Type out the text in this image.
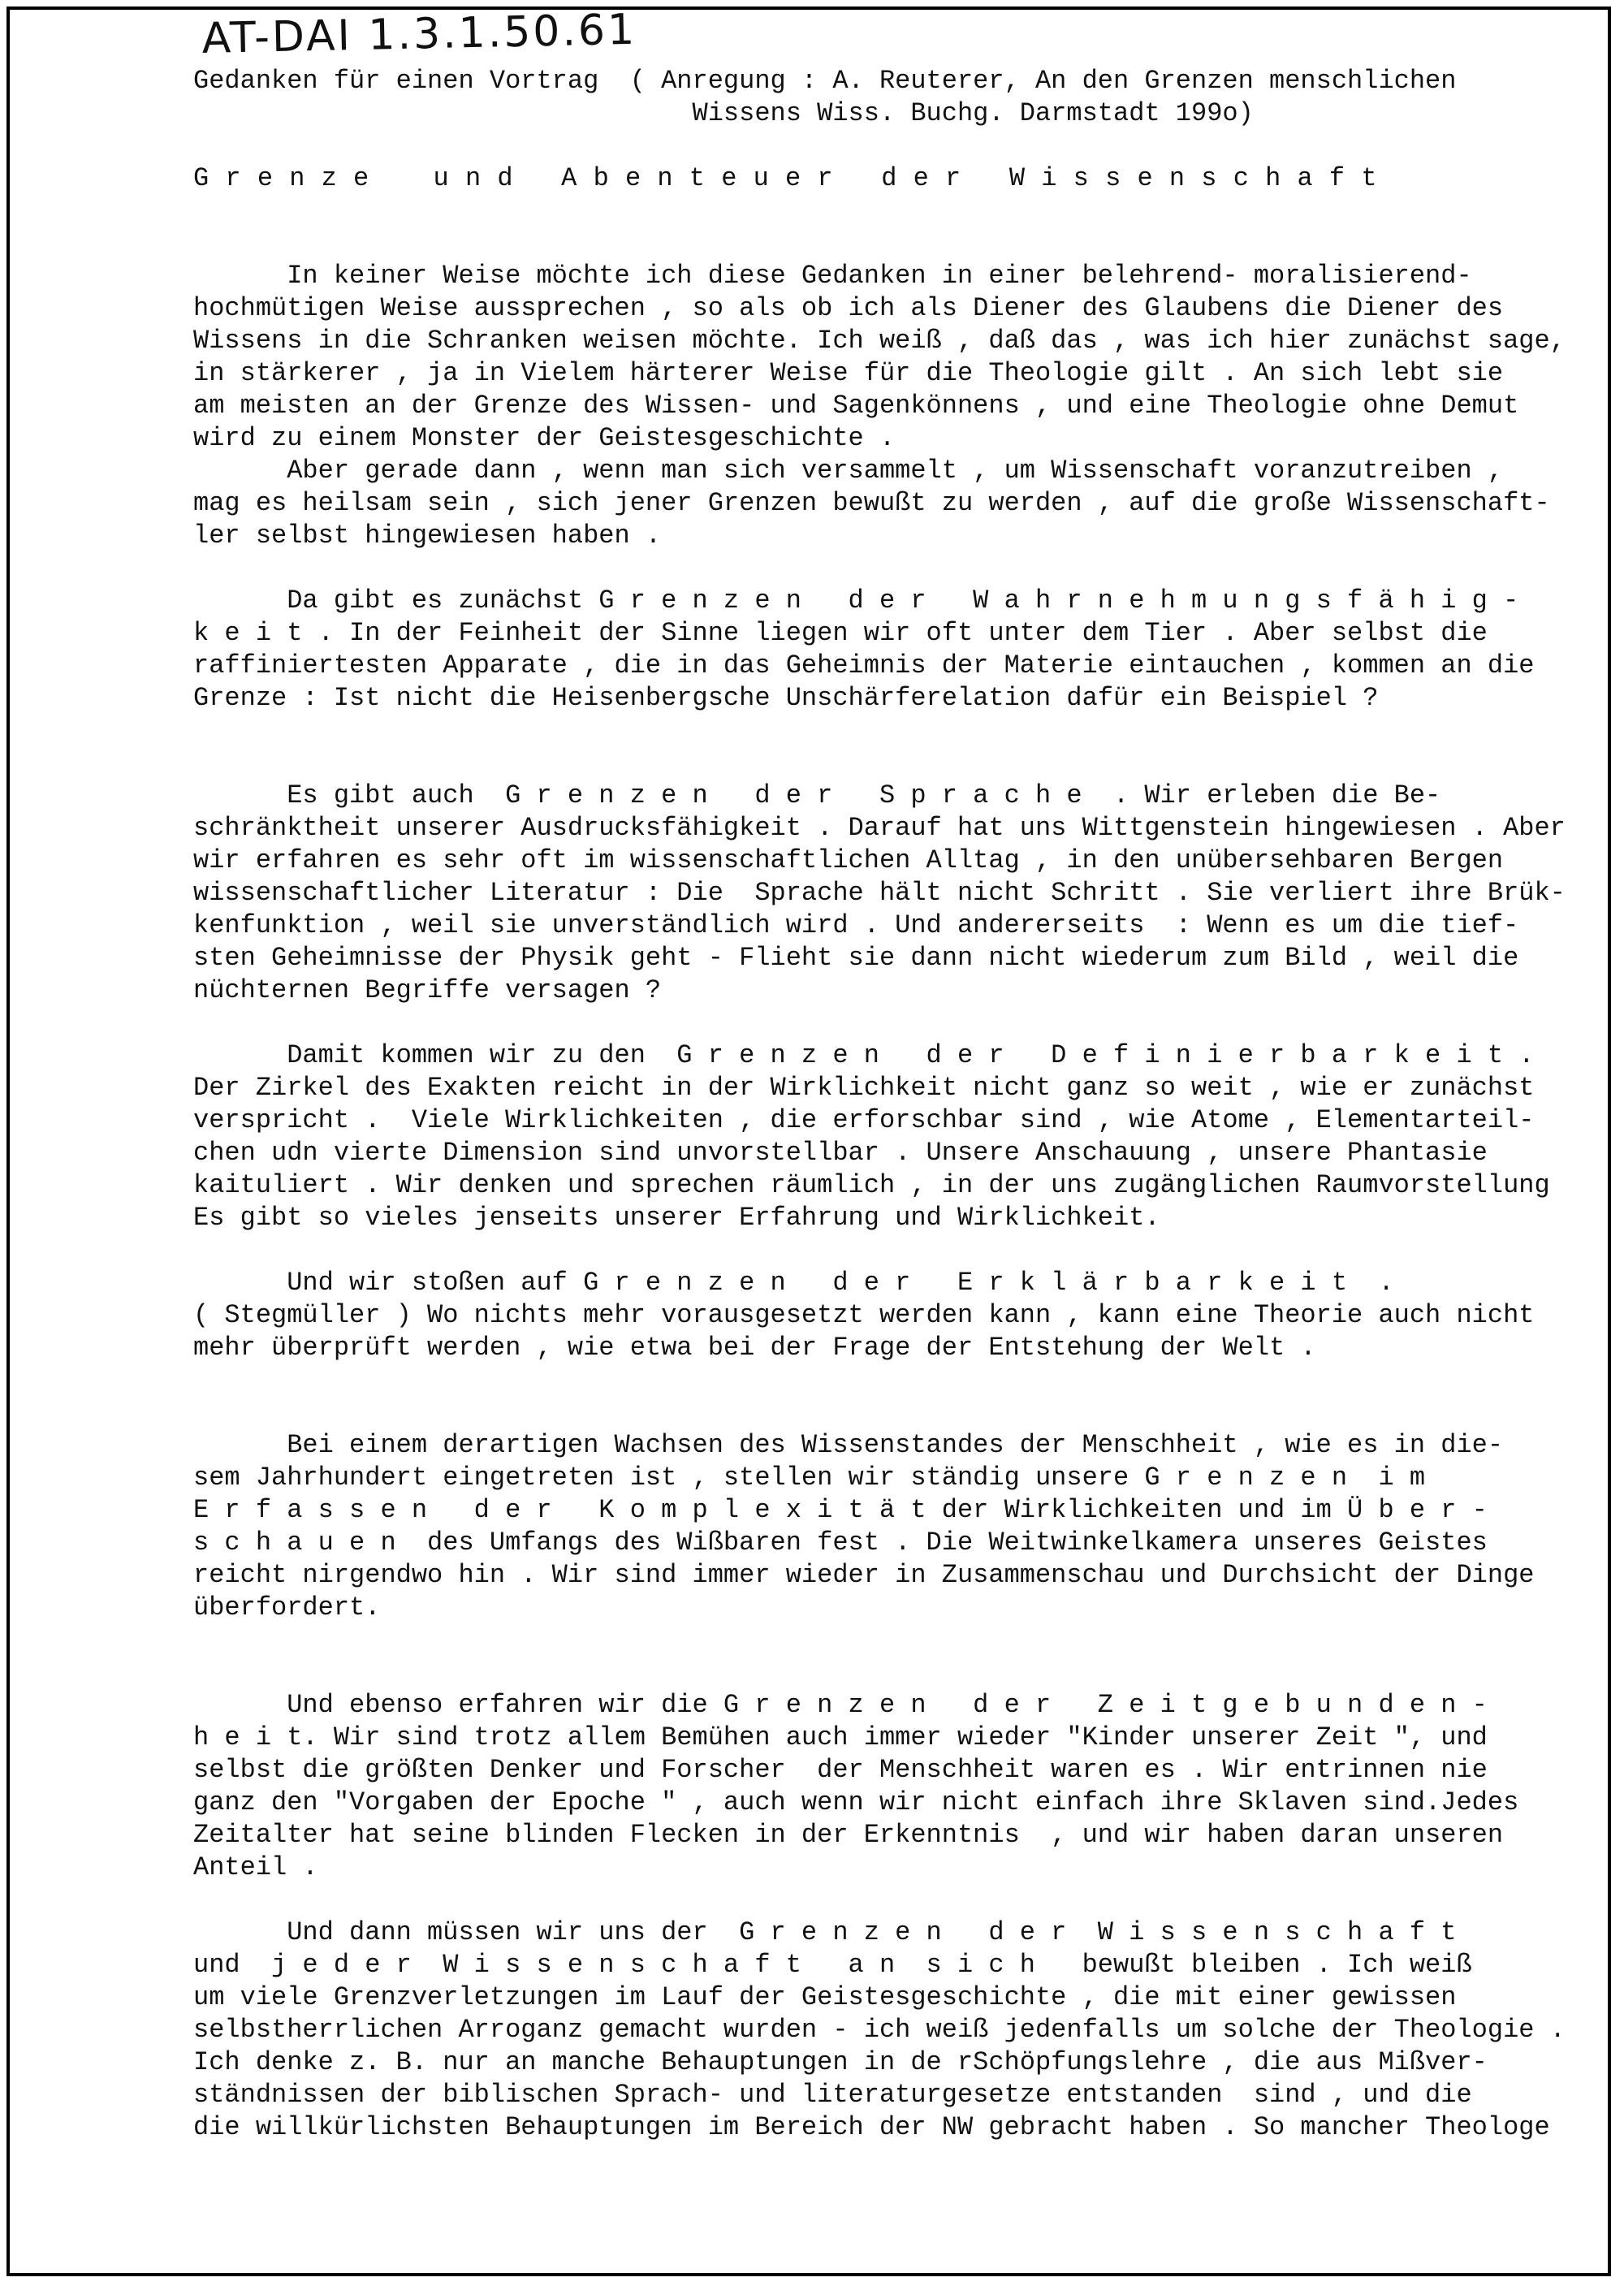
AT-DAI 1.3.1.50.61
Gedanken für einen Vortrag  ( Anregung : A. Reuterer, An den Grenzen menschlichen
Wissens Wiss. Buchg. Darmstadt 199o)
G r e n z e    u n d   A b e n t e u e r   d e r   W i s s e n s c h a f t
In keiner Weise möchte ich diese Gedanken in einer belehrend- moralisierend-
hochmütigen Weise aussprechen , so als ob ich als Diener des Glaubens die Diener des
Wissens in die Schranken weisen möchte. Ich weiß , daß das , was ich hier zunächst sage,
in stärkerer , ja in Vielem härterer Weise für die Theologie gilt . An sich lebt sie
am meisten an der Grenze des Wissen- und Sagenkönnens , und eine Theologie ohne Demut
wird zu einem Monster der Geistesgeschichte .
Aber gerade dann , wenn man sich versammelt , um Wissenschaft voranzutreiben ,
mag es heilsam sein , sich jener Grenzen bewußt zu werden , auf die große Wissenschaft-
ler selbst hingewiesen haben .
Da gibt es zunächst G r e n z e n   d e r   W a h r n e h m u n g s f ä h i g -
k e i t . In der Feinheit der Sinne liegen wir oft unter dem Tier . Aber selbst die
raffiniertesten Apparate , die in das Geheimnis der Materie eintauchen , kommen an die
Grenze : Ist nicht die Heisenbergsche Unschärferelation dafür ein Beispiel ?
Es gibt auch  G r e n z e n   d e r   S p r a c h e  . Wir erleben die Be-
schränktheit unserer Ausdrucksfähigkeit . Darauf hat uns Wittgenstein hingewiesen . Aber
wir erfahren es sehr oft im wissenschaftlichen Alltag , in den unübersehbaren Bergen
wissenschaftlicher Literatur : Die  Sprache hält nicht Schritt . Sie verliert ihre Brük-
kenfunktion , weil sie unverständlich wird . Und andererseits  : Wenn es um die tief-
sten Geheimnisse der Physik geht - Flieht sie dann nicht wiederum zum Bild , weil die
nüchternen Begriffe versagen ?
Damit kommen wir zu den  G r e n z e n   d e r   D e f i n i e r b a r k e i t .
Der Zirkel des Exakten reicht in der Wirklichkeit nicht ganz so weit , wie er zunächst
verspricht .  Viele Wirklichkeiten , die erforschbar sind , wie Atome , Elementarteil-
chen udn vierte Dimension sind unvorstellbar . Unsere Anschauung , unsere Phantasie
kaituliert . Wir denken und sprechen räumlich , in der uns zugänglichen Raumvorstellung
Es gibt so vieles jenseits unserer Erfahrung und Wirklichkeit.
Und wir stoßen auf G r e n z e n   d e r   E r k l ä r b a r k e i t  .
( Stegmüller ) Wo nichts mehr vorausgesetzt werden kann , kann eine Theorie auch nicht
mehr überprüft werden , wie etwa bei der Frage der Entstehung der Welt .
Bei einem derartigen Wachsen des Wissenstandes der Menschheit , wie es in die-
sem Jahrhundert eingetreten ist , stellen wir ständig unsere G r e n z e n  i m
E r f a s s e n   d e r   K o m p l e x i t ä t der Wirklichkeiten und im Ü b e r -
s c h a u e n  des Umfangs des Wißbaren fest . Die Weitwinkelkamera unseres Geistes
reicht nirgendwo hin . Wir sind immer wieder in Zusammenschau und Durchsicht der Dinge
überfordert.
Und ebenso erfahren wir die G r e n z e n   d e r   Z e i t g e b u n d e n -
h e i t. Wir sind trotz allem Bemühen auch immer wieder "Kinder unserer Zeit ", und
selbst die größten Denker und Forscher  der Menschheit waren es . Wir entrinnen nie
ganz den "Vorgaben der Epoche " , auch wenn wir nicht einfach ihre Sklaven sind.Jedes
Zeitalter hat seine blinden Flecken in der Erkenntnis  , und wir haben daran unseren
Anteil .
Und dann müssen wir uns der  G r e n z e n   d e r  W i s s e n s c h a f t
und  j e d e r  W i s s e n s c h a f t   a n  s i c h   bewußt bleiben . Ich weiß
um viele Grenzverletzungen im Lauf der Geistesgeschichte , die mit einer gewissen
selbstherrlichen Arroganz gemacht wurden - ich weiß jedenfalls um solche der Theologie .
Ich denke z. B. nur an manche Behauptungen in de rSchöpfungslehre , die aus Mißver-
ständnissen der biblischen Sprach- und literaturgesetze entstanden  sind , und die
die willkürlichsten Behauptungen im Bereich der NW gebracht haben . So mancher Theologe
